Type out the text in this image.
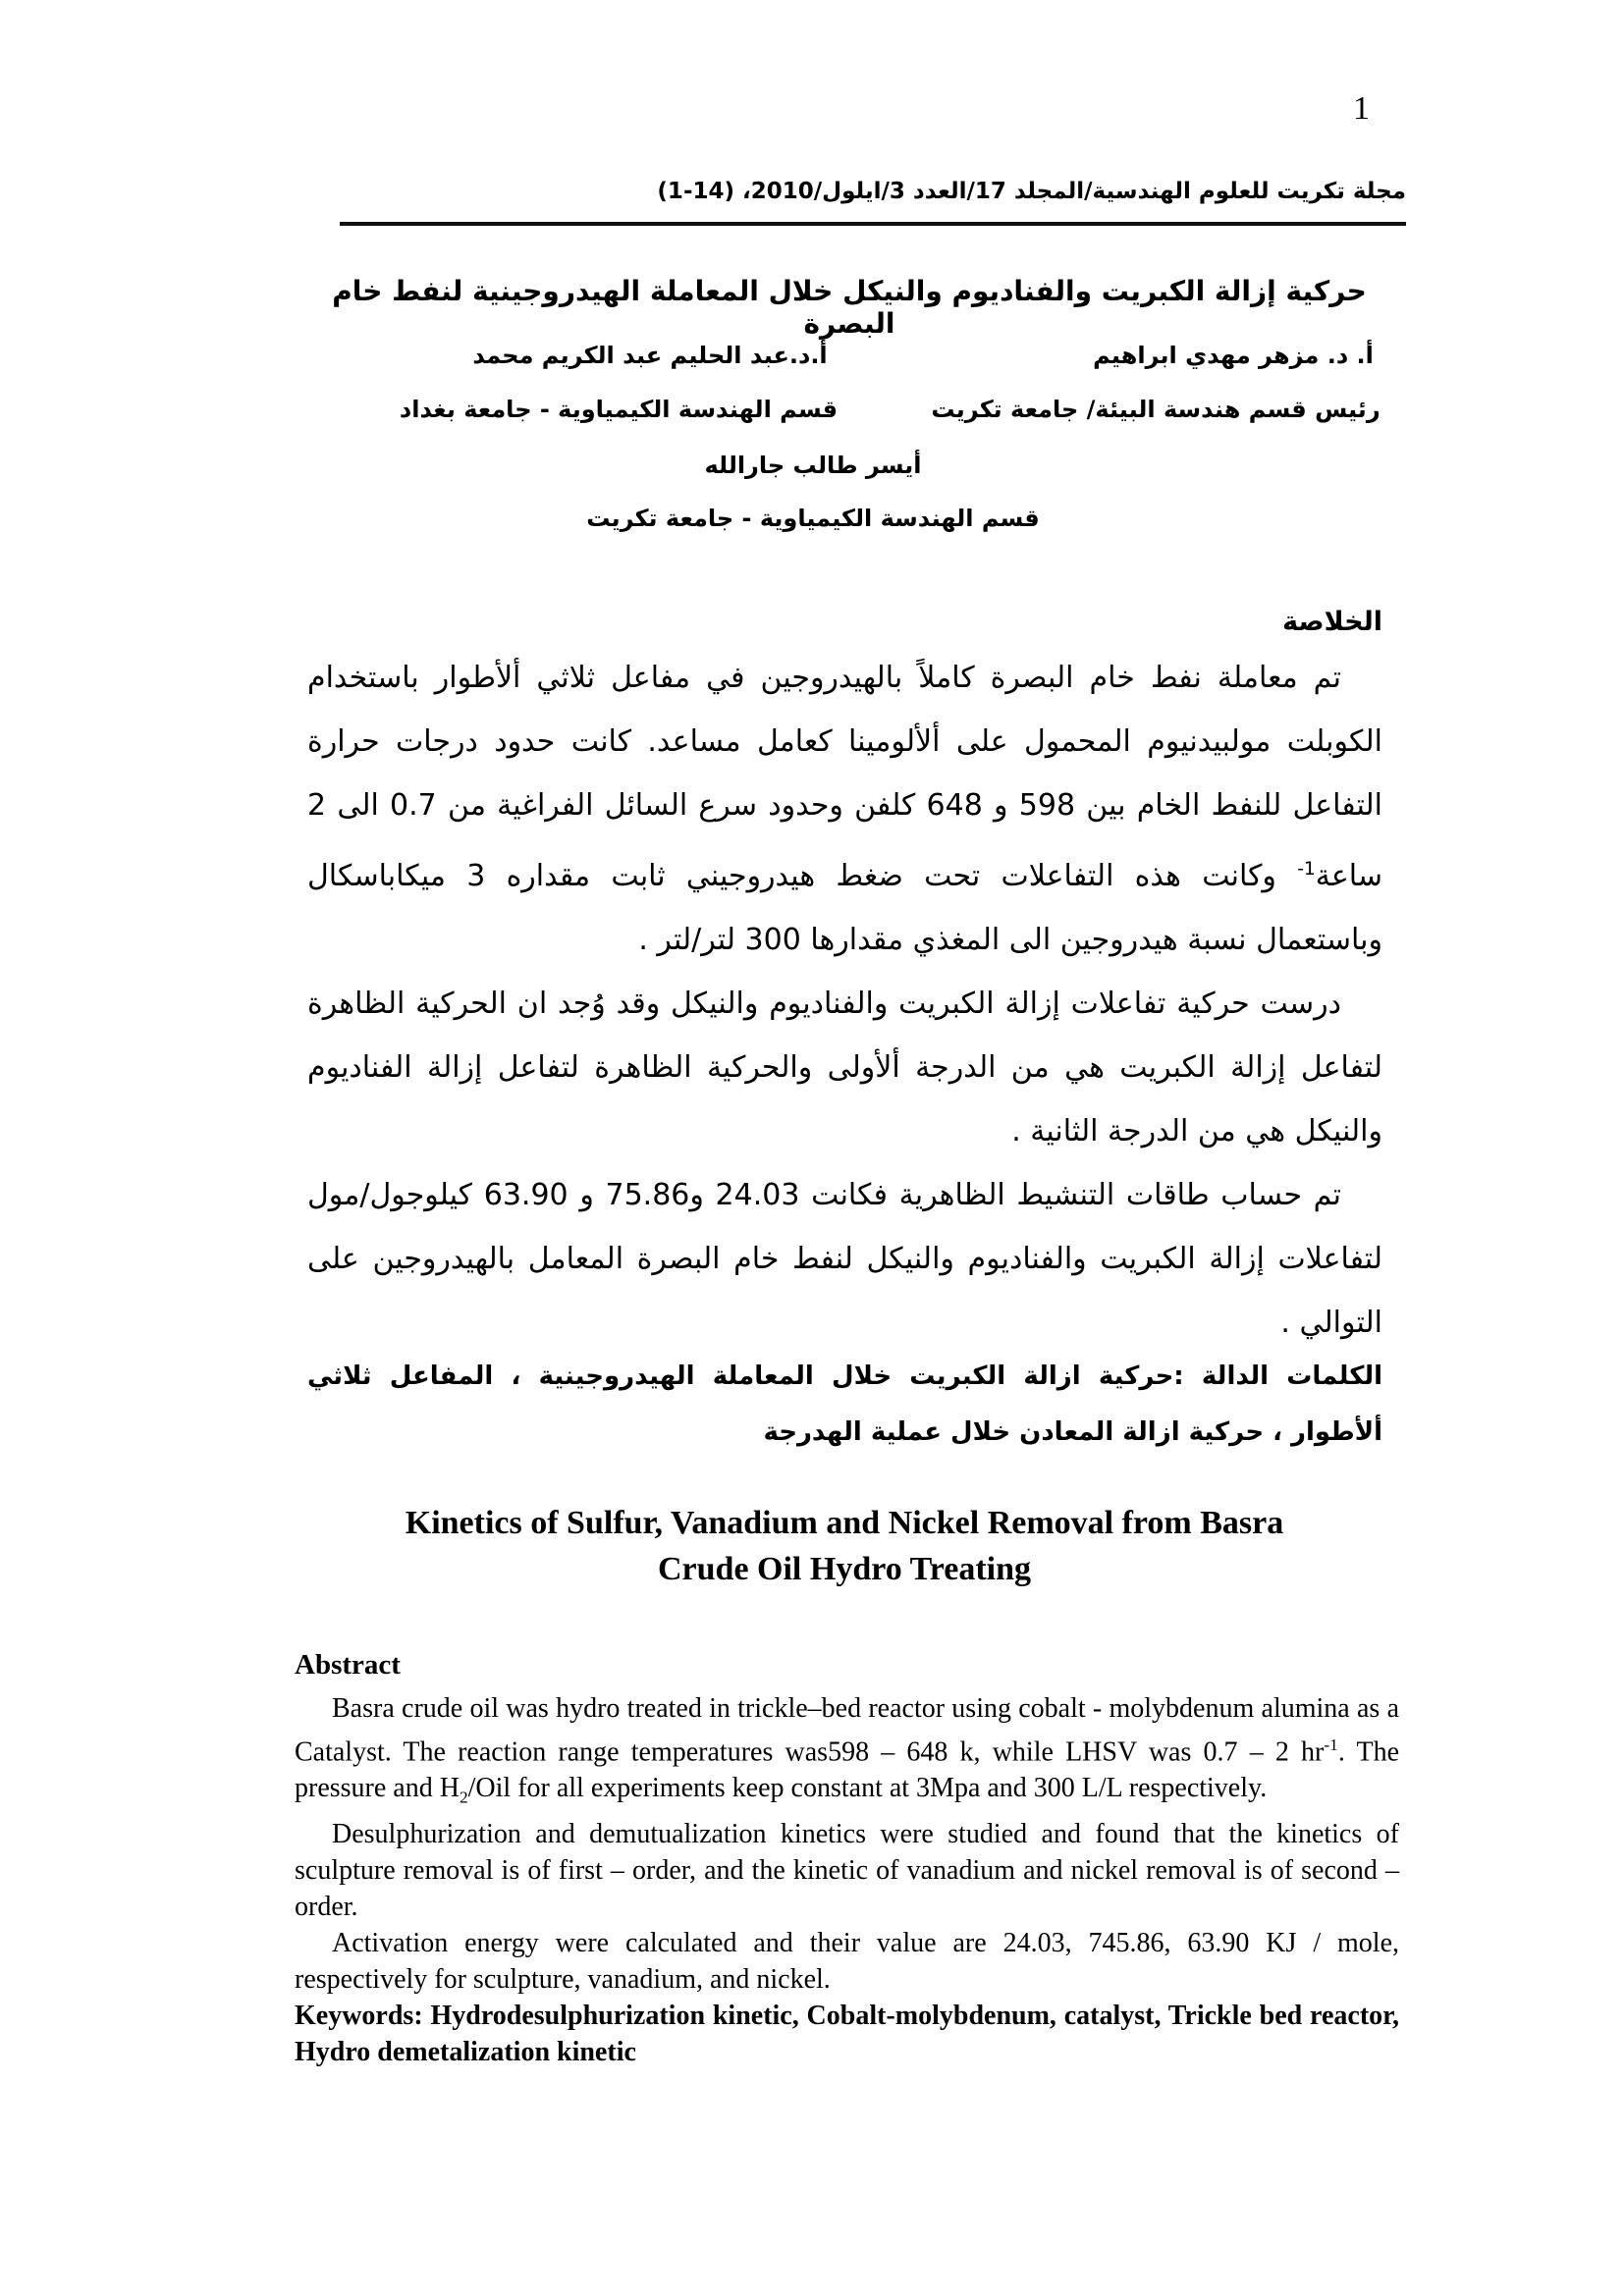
1
مجلة تكريت للعلوم الهندسية/المجلد 17/العدد 3/ايلول/2010، (14-1)
حركية إزالة الكبريت والفناديوم والنيكل خلال المعاملة الهيدروجينية لنفط خام البصرة
أ. د. مزهر مهدي ابراهيم
أ.د.عبد الحليم عبد الكريم محمد
رئيس قسم هندسة البيئة/ جامعة تكريت
قسم الهندسة الكيمياوية - جامعة بغداد
أيسر طالب جارالله
قسم الهندسة الكيمياوية - جامعة تكريت
الخلاصة

تم معاملة نفط خام البصرة كاملاً بالهيدروجين في مفاعل ثلاثي ألأطوار باستخدام الكوبلت مولبيدنيوم المحمول على ألألومينا كعامل مساعد. كانت حدود درجات حرارة التفاعل للنفط الخام بين 598 و 648 كلفن وحدود سرع السائل الفراغية من 0.7 الى 2 ساعة$^{-1}$ وكانت هذه التفاعلات تحت ضغط هيدروجيني ثابت مقداره 3 ميكاباسكال وباستعمال نسبة هيدروجين الى المغذي مقدارها 300 لتر/لتر .

درست حركية تفاعلات إزالة الكبريت والفناديوم والنيكل وقد وُجد ان الحركية الظاهرة لتفاعل إزالة الكبريت هي من الدرجة ألأولى والحركية الظاهرة لتفاعل إزالة الفناديوم والنيكل هي من الدرجة الثانية .

تم حساب طاقات التنشيط الظاهرية فكانت 24.03 و75.86 و 63.90 كيلوجول/مول لتفاعلات إزالة الكبريت والفناديوم والنيكل لنفط خام البصرة المعامل بالهيدروجين على التوالي .

الكلمات الدالة :حركية ازالة الكبريت خلال المعاملة الهيدروجينية ، المفاعل ثلاثي ألأطوار ، حركية ازالة المعادن خلال عملية الهدرجة
Kinetics of Sulfur, Vanadium and Nickel Removal from Basra
Crude Oil Hydro Treating
Abstract

Basra crude oil was hydro treated in trickle–bed reactor using cobalt - molybdenum alumina as a Catalyst. The reaction range temperatures was598 – 648 k, while LHSV was 0.7 – 2 $hr^{-1}$. The pressure and $H_2$/Oil for all experiments keep constant at 3Mpa and 300 L/L respectively.

Desulphurization and demutualization kinetics were studied and found that the kinetics of sculpture removal is of first – order, and the kinetic of vanadium and nickel removal is of second – order.

Activation energy were calculated and their value are 24.03, 745.86, 63.90 KJ / mole, respectively for sculpture, vanadium, and nickel.

Keywords: Hydrodesulphurization kinetic, Cobalt-molybdenum, catalyst, Trickle bed reactor, Hydro demetalization kinetic
